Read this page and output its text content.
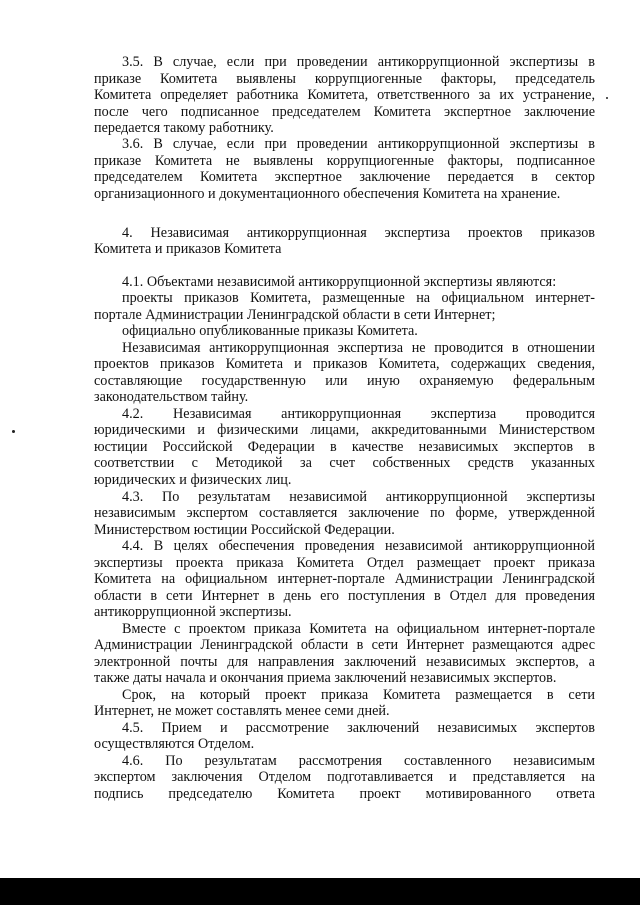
3.5. В случае, если при проведении антикоррупционной экспертизы в
приказе Комитета выявлены коррупциогенные факторы, председатель
Комитета определяет работника Комитета, ответственного за их устранение,
после чего подписанное председателем Комитета экспертное заключение
передается такому работнику.
3.6. В случае, если при проведении антикоррупционной экспертизы в
приказе Комитета не выявлены коррупциогенные факторы, подписанное
председателем Комитета экспертное заключение передается в сектор
организационного и документационного обеспечения Комитета на хранение.
4. Независимая антикоррупционная экспертиза проектов приказов
Комитета и приказов Комитета
4.1. Объектами независимой антикоррупционной экспертизы являются:
проекты приказов Комитета, размещенные на официальном интернет-
портале Администрации Ленинградской области в сети Интернет;
официально опубликованные приказы Комитета.
Независимая антикоррупционная экспертиза не проводится в отношении
проектов приказов Комитета и приказов Комитета, содержащих сведения,
составляющие государственную или иную охраняемую федеральным
законодательством тайну.
4.2. Независимая антикоррупционная экспертиза проводится
юридическими и физическими лицами, аккредитованными Министерством
юстиции Российской Федерации в качестве независимых экспертов в
соответствии с Методикой за счет собственных средств указанных
юридических и физических лиц.
4.3. По результатам независимой антикоррупционной экспертизы
независимым экспертом составляется заключение по форме, утвержденной
Министерством юстиции Российской Федерации.
4.4. В целях обеспечения проведения независимой антикоррупционной
экспертизы проекта приказа Комитета Отдел размещает проект приказа
Комитета на официальном интернет-портале Администрации Ленинградской
области в сети Интернет в день его поступления в Отдел для проведения
антикоррупционной экспертизы.
Вместе с проектом приказа Комитета на официальном интернет-портале
Администрации Ленинградской области в сети Интернет размещаются адрес
электронной почты для направления заключений независимых экспертов, а
также даты начала и окончания приема заключений независимых экспертов.
Срок, на который проект приказа Комитета размещается в сети
Интернет, не может составлять менее семи дней.
4.5. Прием и рассмотрение заключений независимых экспертов
осуществляются Отделом.
4.6. По результатам рассмотрения составленного независимым
экспертом заключения Отделом подготавливается и представляется на
подпись председателю Комитета проект мотивированного ответа
